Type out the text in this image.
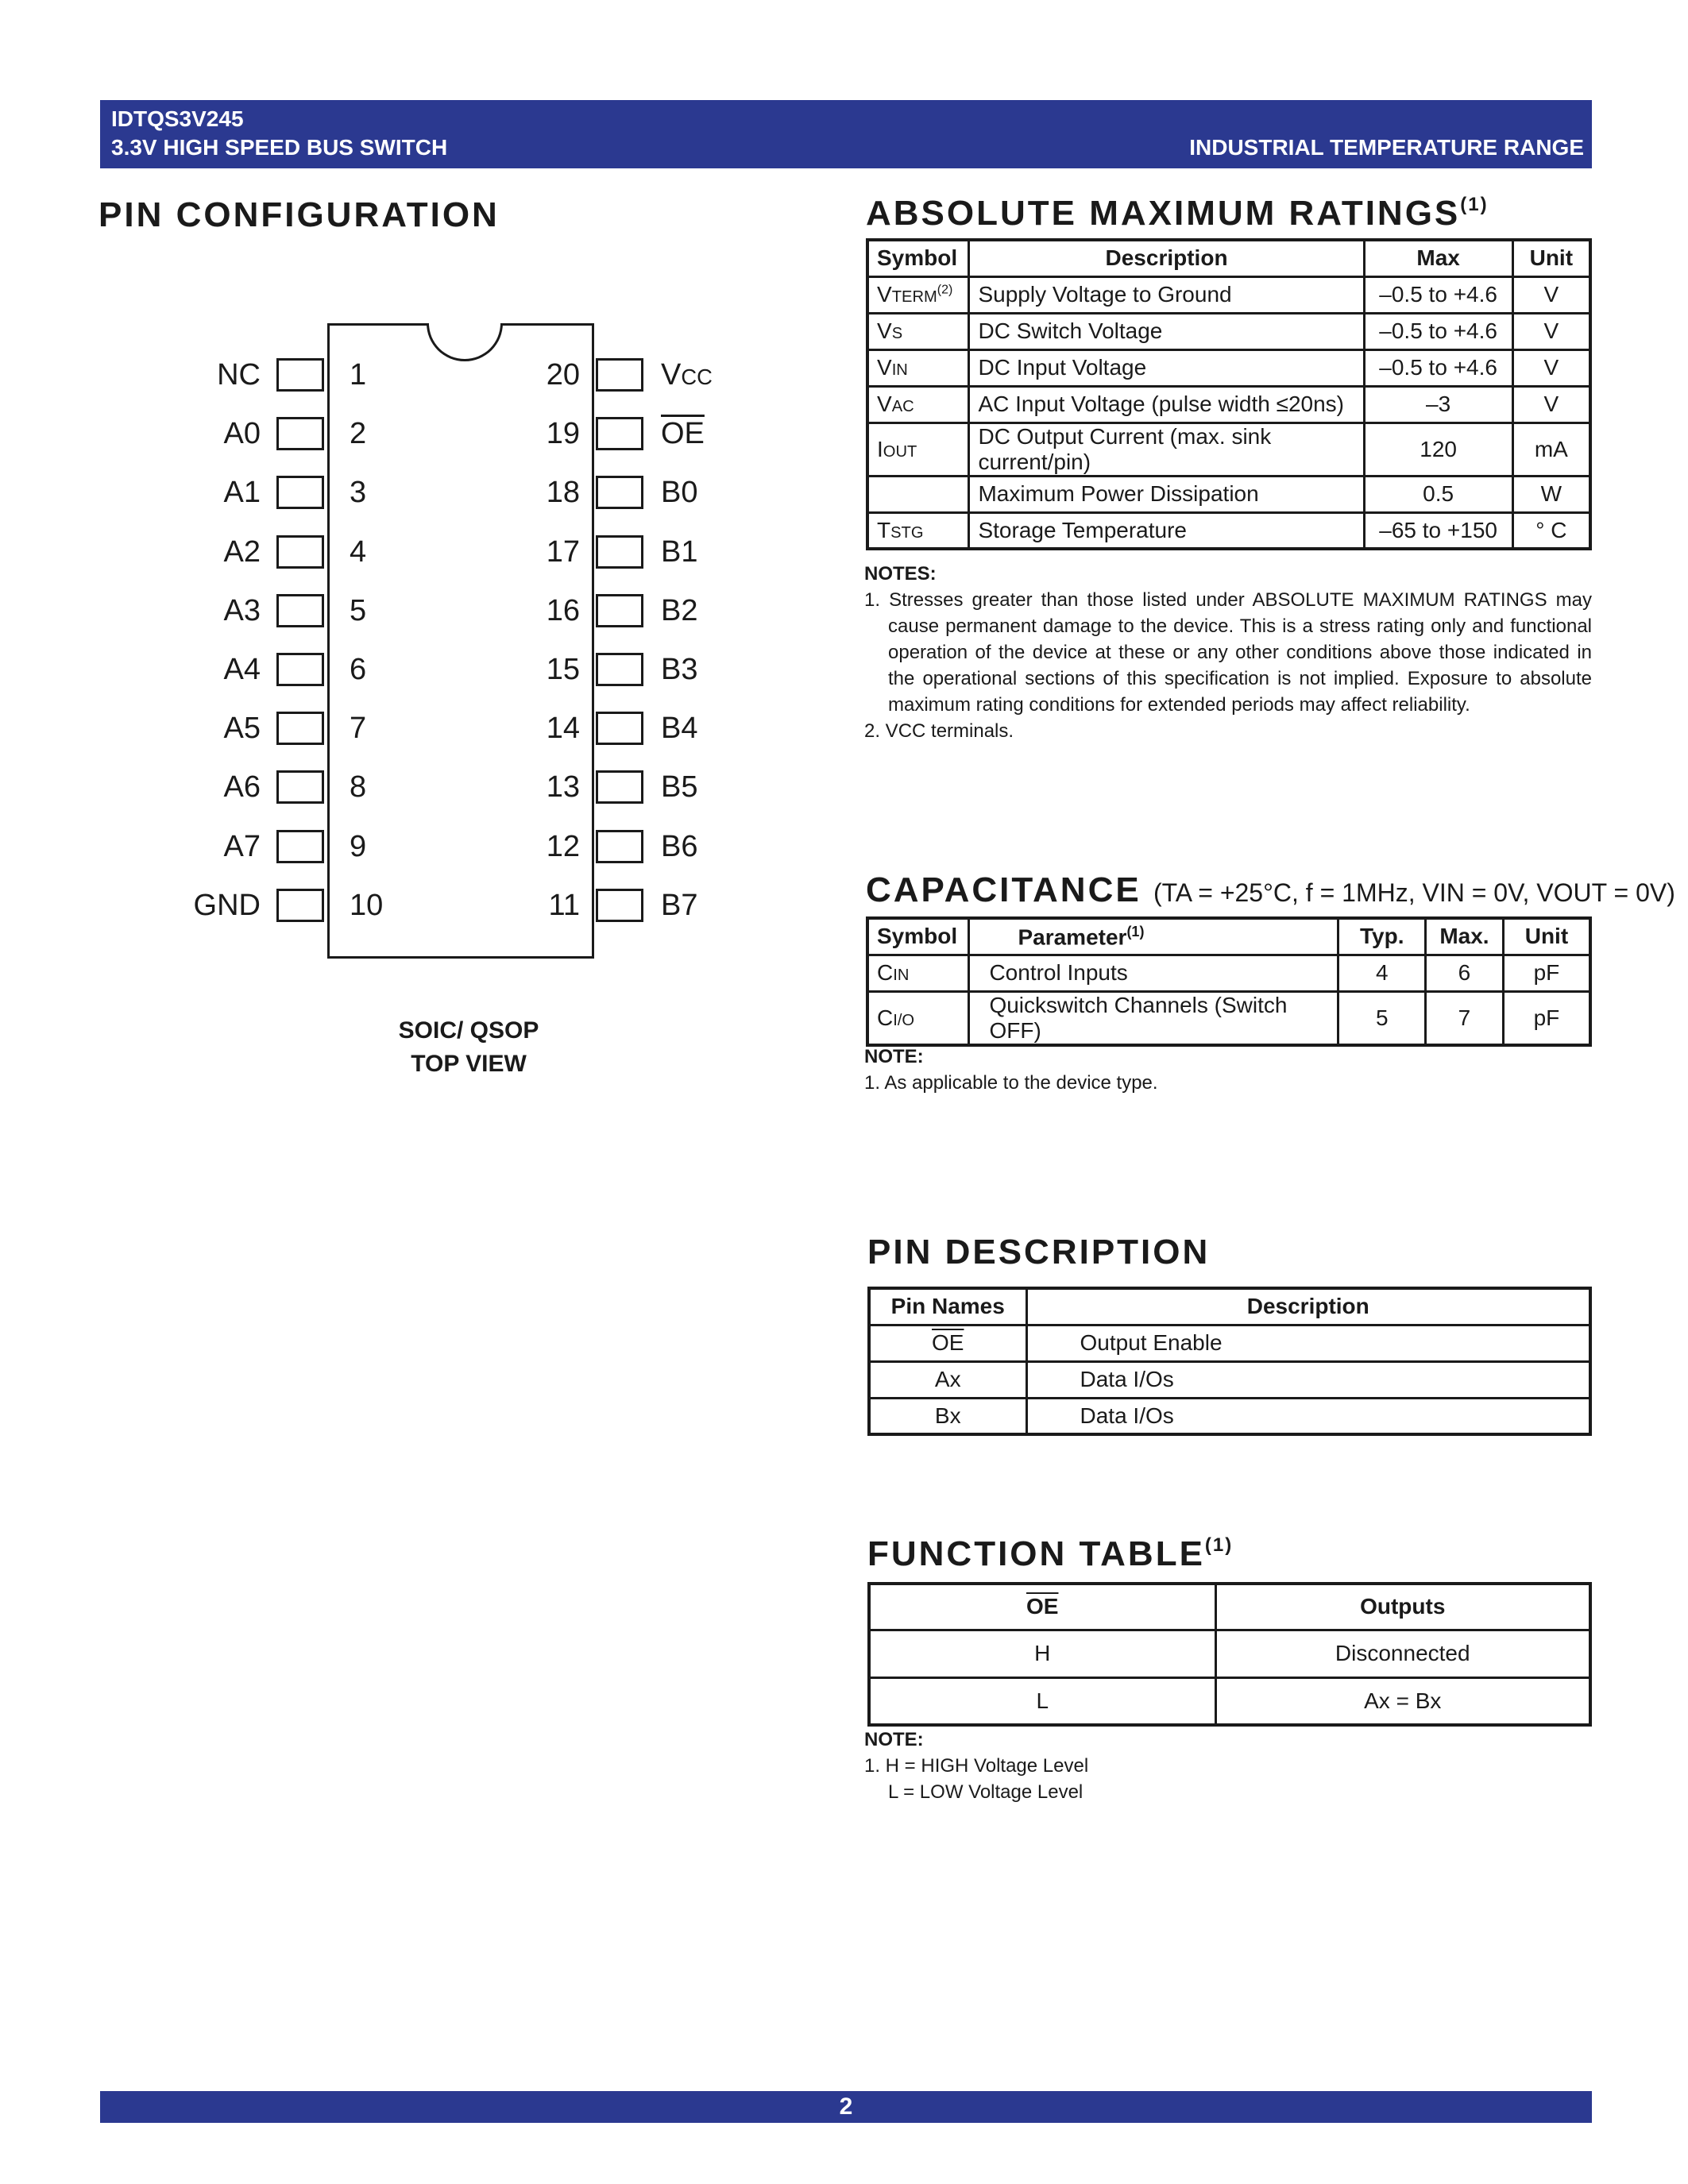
IDTQS3V245
3.3V HIGH SPEED BUS SWITCH	INDUSTRIAL TEMPERATURE RANGE
PIN CONFIGURATION
NC	1	20	VCC
A0	2	19	$\overline{OE}$
A1	3	18	B0
A2	4	17	B1
A3	5	16	B2
A4	6	15	B3
A5	7	14	B4
A6	8	13	B5
A7	9	12	B6
GND	10	11	B7
SOIC/ QSOP
TOP VIEW
ABSOLUTE MAXIMUM RATINGS$^{(1)}$
Symbol	Description	Max	Unit
VTERM$^{(2)}$	Supply Voltage to Ground	–0.5 to +4.6	V
VS	DC Switch Voltage	–0.5 to +4.6	V
VIN	DC Input Voltage	–0.5 to +4.6	V
VAC	AC Input Voltage (pulse width ≤20ns)	–3	V
IOUT	DC Output Current (max. sink current/pin)	120	mA
	Maximum Power Dissipation	0.5	W
TSTG	Storage Temperature	–65 to +150	° C
NOTES:
1. Stresses greater than those listed under ABSOLUTE MAXIMUM RATINGS may cause permanent damage to the device. This is a stress rating only and functional operation of the device at these or any other conditions above those indicated in the operational sections of this specification is not implied. Exposure to absolute maximum rating conditions for extended periods may affect reliability.
2. VCC terminals.
CAPACITANCE (TA = +25°C, f = 1MHz, VIN = 0V, VOUT = 0V)
Symbol	Parameter$^{(1)}$	Typ.	Max.	Unit
CIN	Control Inputs	4	6	pF
CI/O	Quickswitch Channels (Switch OFF)	5	7	pF
NOTE:
1. As applicable to the device type.
PIN DESCRIPTION
Pin Names	Description
$\overline{OE}$	Output Enable
Ax	Data I/Os
Bx	Data I/Os
FUNCTION TABLE$^{(1)}$
$\overline{OE}$	Outputs
H	Disconnected
L	Ax = Bx
NOTE:
1. H = HIGH Voltage Level
L = LOW Voltage Level
2
